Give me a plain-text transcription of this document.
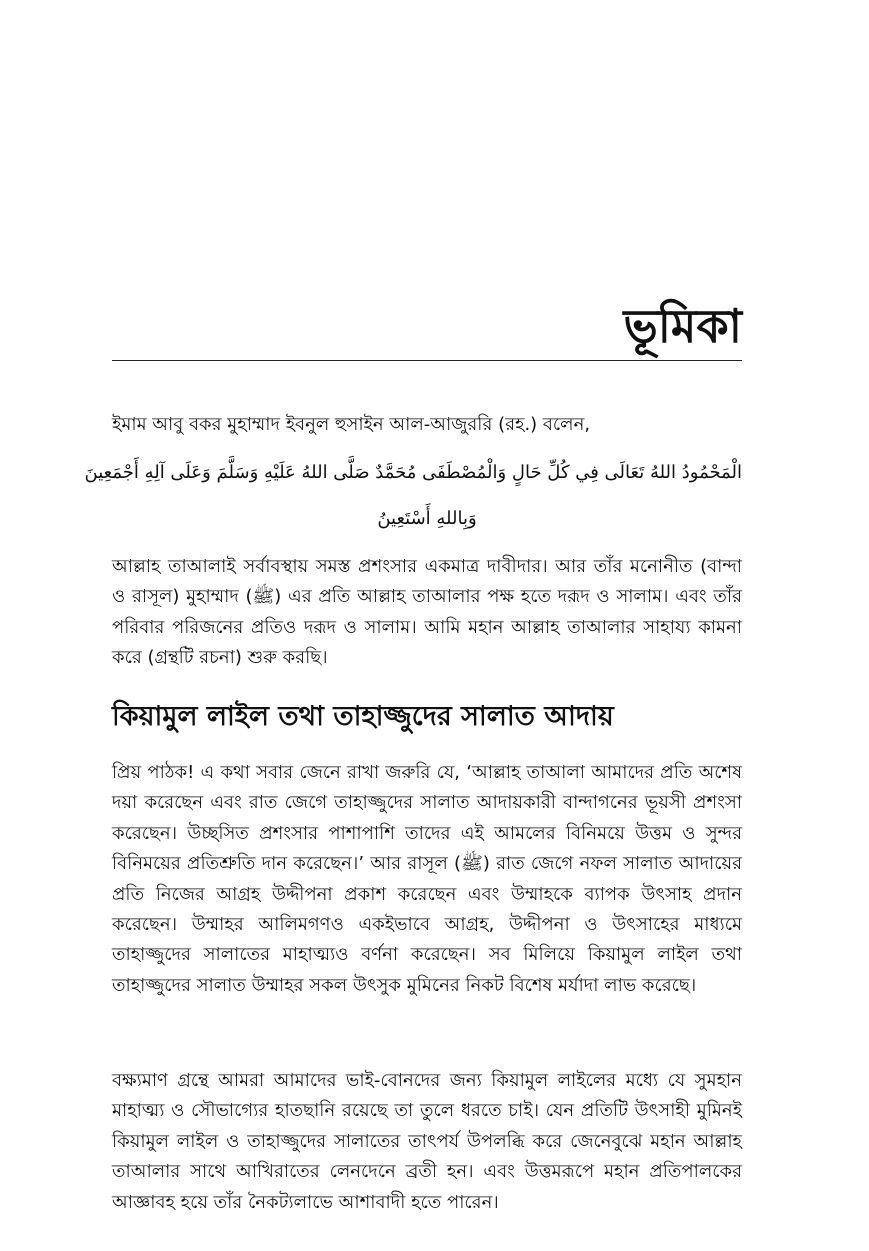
ভূমিকা

ইমাম আবু বকর মুহাম্মাদ ইবনুল হুসাইন আল-আজুররি (রহ.) বলেন,

الْمَحْمُودُ اللهُ تَعَالَى فِي كُلِّ حَالٍ وَالْمُصْطَفَى مُحَمَّدٌ صَلَّى اللهُ عَلَيْهِ وَسَلَّمَ وَعَلَى آلِهِ أَجْمَعِينَ

وَبِاللهِ أَسْتَعِينُ

আল্লাহ তাআলাই সর্বাবস্থায় সমস্ত প্রশংসার একমাত্র দাবীদার। আর তাঁর মনোনীত (বান্দা ও রাসূল) মুহাম্মাদ (ﷺ) এর প্রতি আল্লাহ তাআলার পক্ষ হতে দরূদ ও সালাম। এবং তাঁর পরিবার পরিজনের প্রতিও দরূদ ও সালাম। আমি মহান আল্লাহ তাআলার সাহায্য কামনা করে (গ্রন্থটি রচনা) শুরু করছি।

কিয়ামুল লাইল তথা তাহাজ্জুদের সালাত আদায়

প্রিয় পাঠক! এ কথা সবার জেনে রাখা জরুরি যে, ‘আল্লাহ তাআলা আমাদের প্রতি অশেষ দয়া করেছেন এবং রাত জেগে তাহাজ্জুদের সালাত আদায়কারী বান্দাগনের ভূয়সী প্রশংসা করেছেন। উচ্ছসিত প্রশংসার পাশাপাশি তাদের এই আমলের বিনিময়ে উত্তম ও সুন্দর বিনিময়ের প্রতিশ্রুতি দান করেছেন।’ আর রাসূল (ﷺ) রাত জেগে নফল সালাত আদায়ের প্রতি নিজের আগ্রহ উদ্দীপনা প্রকাশ করেছেন এবং উম্মাহকে ব্যাপক উৎসাহ প্রদান করেছেন। উম্মাহর আলিমগণও একইভাবে আগ্রহ, উদ্দীপনা ও উৎসাহের মাধ্যমে তাহাজ্জুদের সালাতের মাহাত্ম্যও বর্ণনা করেছেন। সব মিলিয়ে কিয়ামুল লাইল তথা তাহাজ্জুদের সালাত উম্মাহর সকল উৎসুক মুমিনের নিকট বিশেষ মর্যাদা লাভ করেছে।

বক্ষ্যমাণ গ্রন্থে আমরা আমাদের ভাই-বোনদের জন্য কিয়ামুল লাইলের মধ্যে যে সুমহান মাহাত্ম্য ও সৌভাগ্যের হাতছানি রয়েছে তা তুলে ধরতে চাই। যেন প্রতিটি উৎসাহী মুমিনই কিয়ামুল লাইল ও তাহাজ্জুদের সালাতের তাৎপর্য উপলব্ধি করে জেনেবুঝে মহান আল্লাহ তাআলার সাথে আখিরাতের লেনদেনে ব্রতী হন। এবং উত্তমরূপে মহান প্রতিপালকের আজ্ঞাবহ হয়ে তাঁর নৈকট্যলাভে আশাবাদী হতে পারেন।
